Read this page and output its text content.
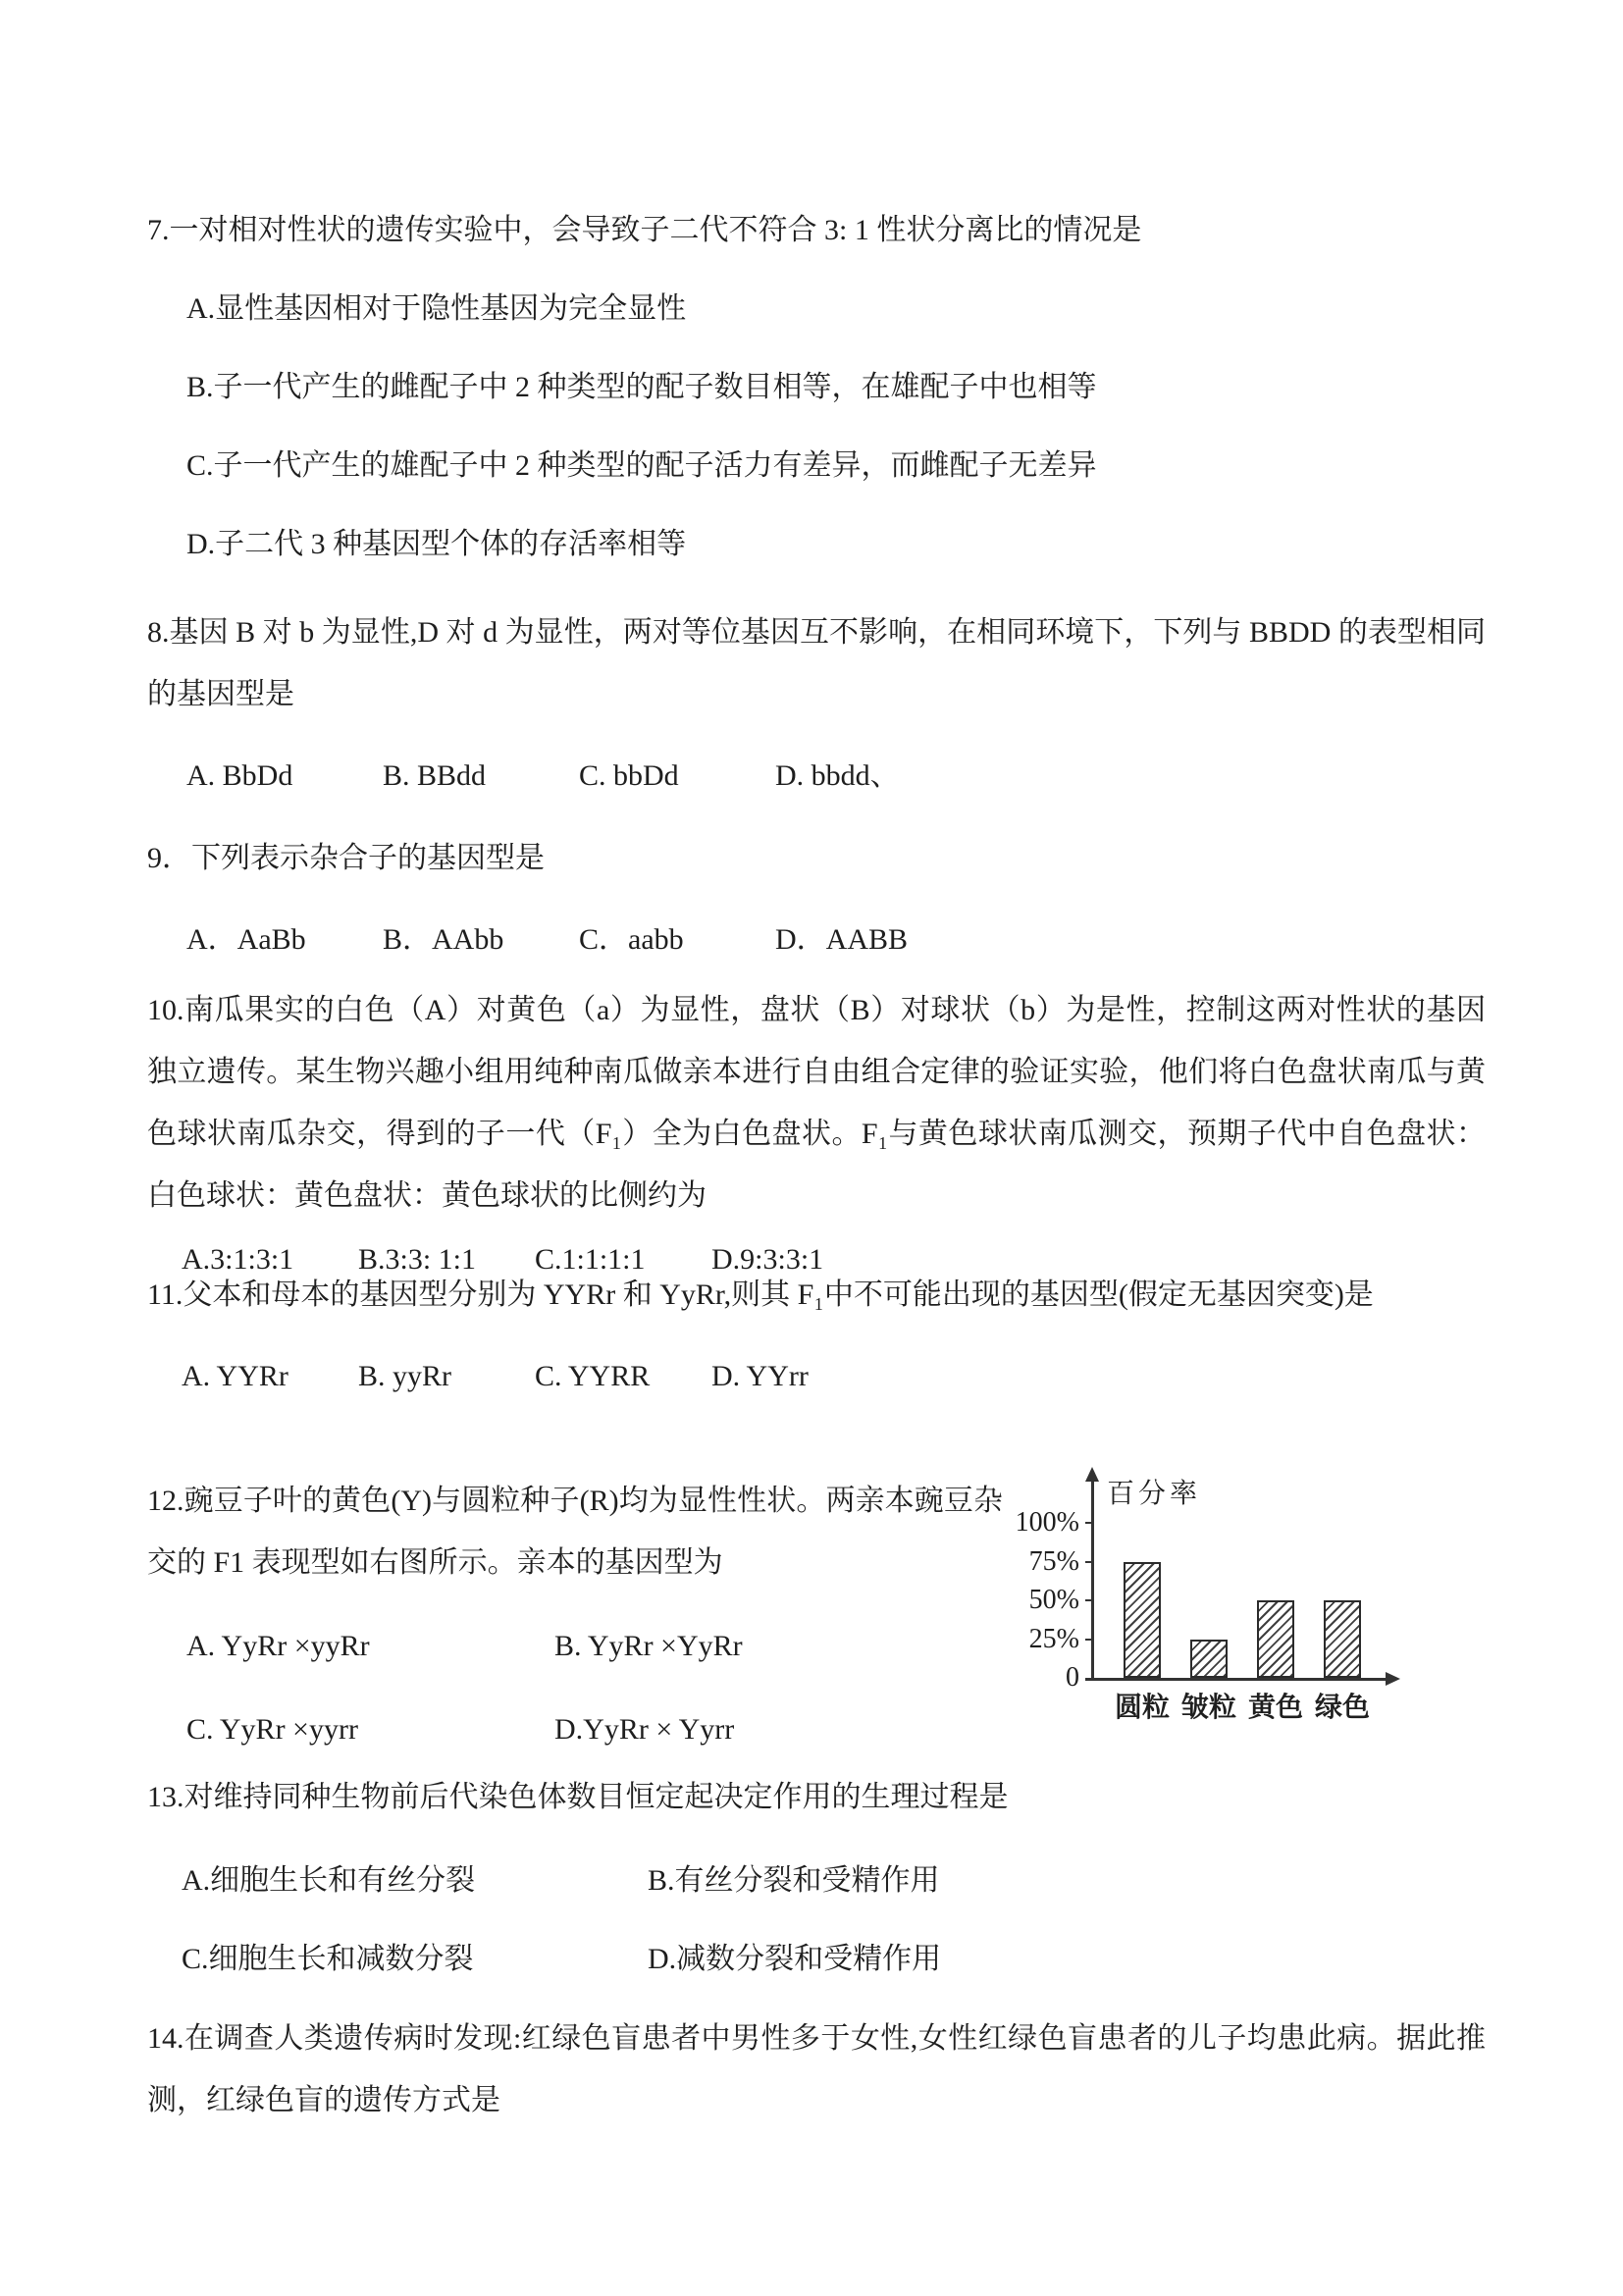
7.一对相对性状的遗传实验中，会导致子二代不符合 3: 1 性状分离比的情况是

A.显性基因相对于隐性基因为完全显性

B.子一代产生的雌配子中 2 种类型的配子数目相等，在雄配子中也相等

C.子一代产生的雄配子中 2 种类型的配子活力有差异，而雌配子无差异

D.子二代 3 种基因型个体的存活率相等

8.基因 B 对 b 为显性,D 对 d 为显性，两对等位基因互不影响，在相同环境下，下列与 BBDD 的表型相同的基因型是

A. BbDd	B. BBdd	C. bbDd	D. bbdd、

9．下列表示杂合子的基因型是

A．AaBb	B．AAbb	C．aabb	D．AABB

10.南瓜果实的白色（A）对黄色（a）为显性，盘状（B）对球状（b）为是性，控制这两对性状的基因独立遗传。某生物兴趣小组用纯种南瓜做亲本进行自由组合定律的验证实验，他们将白色盘状南瓜与黄色球状南瓜杂交，得到的子一代（F₁）全为白色盘状。F₁与黄色球状南瓜测交，预期子代中自色盘状：白色球状：黄色盘状：黄色球状的比侧约为

A.3:1:3:1	B.3:3: 1:1	C.1:1:1:1	D.9:3:3:1

11.父本和母本的基因型分别为 YYRr 和 YyRr,则其 F₁中不可能出现的基因型(假定无基因突变)是

A. YYRr	B. yyRr	C. YYRR	D. YYrr

12.豌豆子叶的黄色(Y)与圆粒种子(R)均为显性性状。两亲本豌豆杂交的 F1 表现型如右图所示。亲本的基因型为

A. YyRr ×yyRr	B. YyRr ×YyRr
C. YyRr ×yyrr	D.YyRr × Yyrr
百分率
圆粒 皱粒 黄色 绿色
100%
75%
50%
25%
0

13.对维持同种生物前后代染色体数目恒定起决定作用的生理过程是

A.细胞生长和有丝分裂	B.有丝分裂和受精作用
C.细胞生长和减数分裂	D.减数分裂和受精作用

14.在调查人类遗传病时发现:红绿色盲患者中男性多于女性,女性红绿色盲患者的儿子均患此病。据此推测，红绿色盲的遗传方式是
